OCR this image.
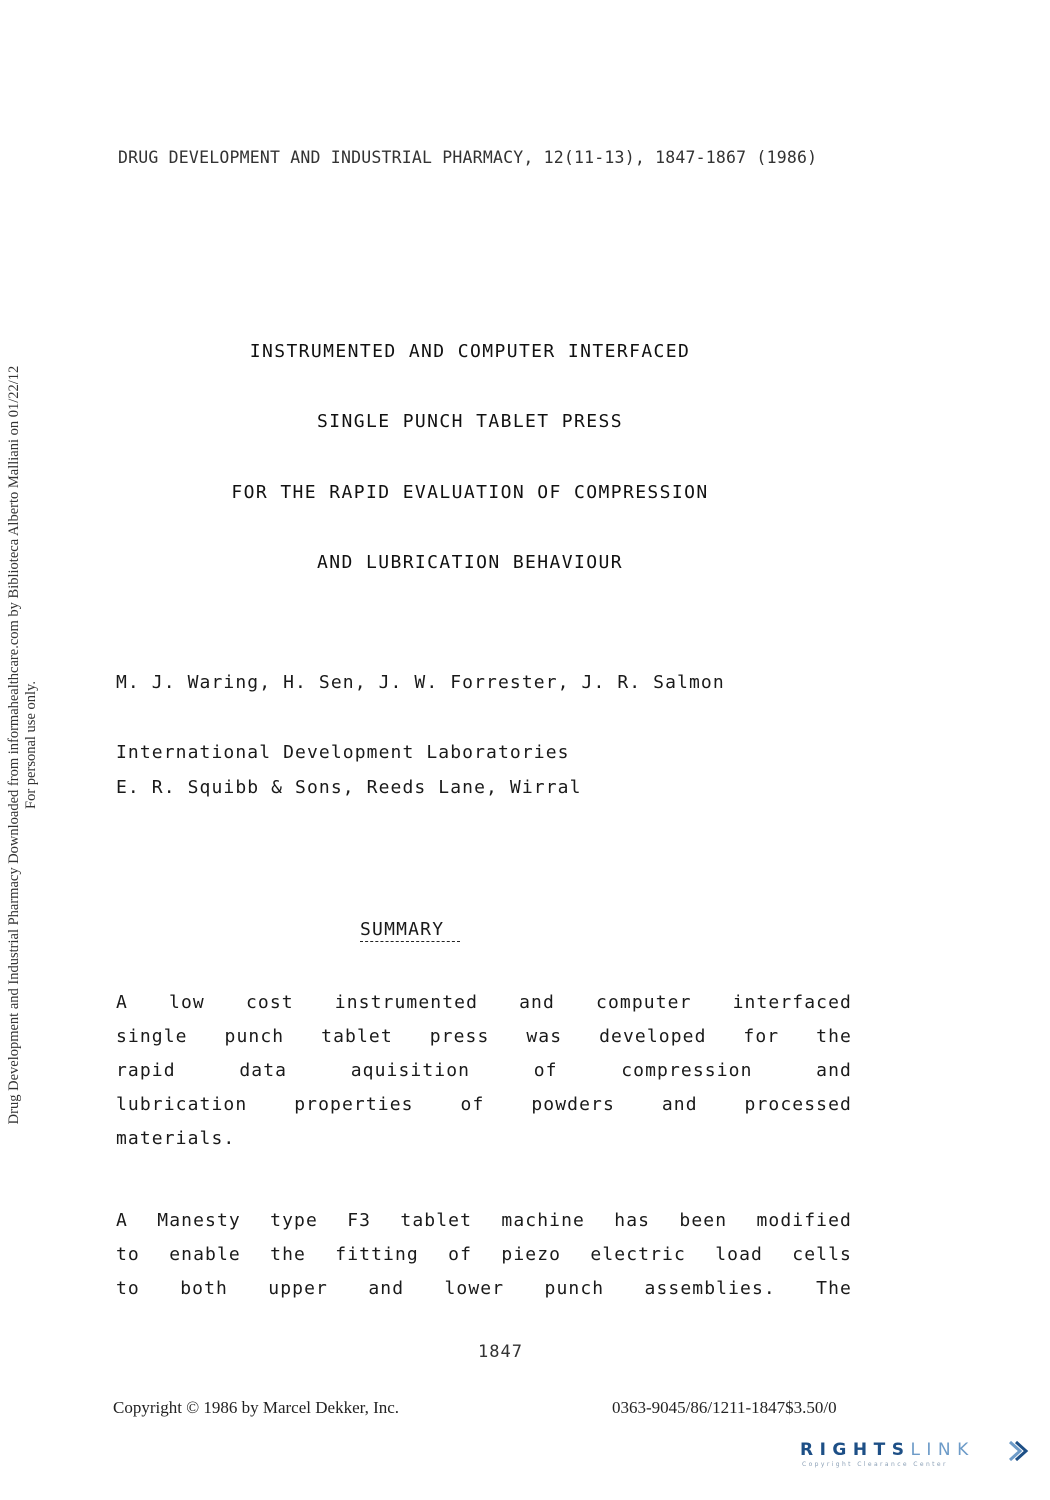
Drug Development and Industrial Pharmacy Downloaded from informahealthcare.com by Biblioteca Alberto Malliani on 01/22/12 For personal use only.
DRUG DEVELOPMENT AND INDUSTRIAL PHARMACY, 12(11-13), 1847-1867 (1986)
INSTRUMENTED AND COMPUTER INTERFACED
SINGLE PUNCH TABLET PRESS
FOR THE RAPID EVALUATION OF COMPRESSION
AND LUBRICATION BEHAVIOUR
M. J. Waring, H. Sen, J. W. Forrester, J. R. Salmon
International Development Laboratories
E. R. Squibb & Sons, Reeds Lane, Wirral
SUMMARY
A low cost instrumented and computer interfaced
single punch tablet press was developed for the
rapid data aquisition of compression and
lubrication properties of powders and processed
materials.
A Manesty type F3 tablet machine has been modified
to enable the fitting of piezo electric load cells
to both upper and lower punch assemblies. The
1847
Copyright © 1986 by Marcel Dekker, Inc.	0363-9045/86/1211-1847$3.50/0
RIGHTSLINK
Copyright Clearance Center
